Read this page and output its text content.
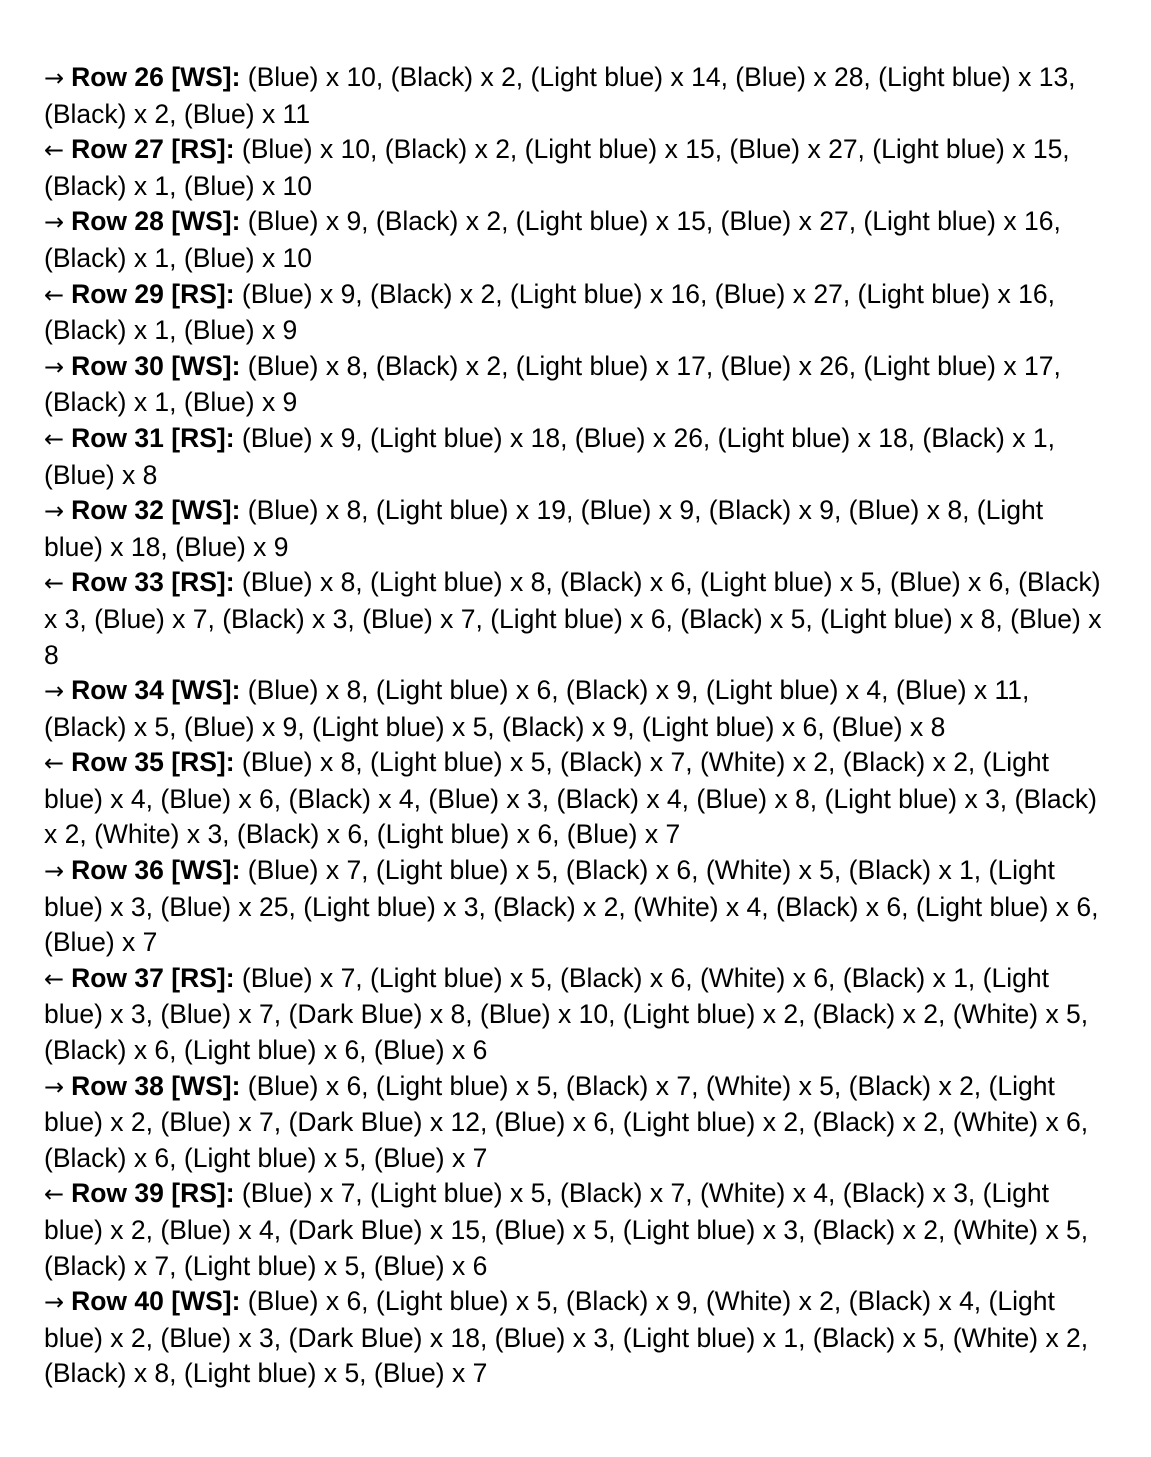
→ Row 26 [WS]: (Blue) x 10, (Black) x 2, (Light blue) x 14, (Blue) x 28, (Light blue) x 13, (Black) x 2, (Blue) x 11

← Row 27 [RS]: (Blue) x 10, (Black) x 2, (Light blue) x 15, (Blue) x 27, (Light blue) x 15, (Black) x 1, (Blue) x 10

→ Row 28 [WS]: (Blue) x 9, (Black) x 2, (Light blue) x 15, (Blue) x 27, (Light blue) x 16, (Black) x 1, (Blue) x 10

← Row 29 [RS]: (Blue) x 9, (Black) x 2, (Light blue) x 16, (Blue) x 27, (Light blue) x 16, (Black) x 1, (Blue) x 9

→ Row 30 [WS]: (Blue) x 8, (Black) x 2, (Light blue) x 17, (Blue) x 26, (Light blue) x 17, (Black) x 1, (Blue) x 9

← Row 31 [RS]: (Blue) x 9, (Light blue) x 18, (Blue) x 26, (Light blue) x 18, (Black) x 1, (Blue) x 8

→ Row 32 [WS]: (Blue) x 8, (Light blue) x 19, (Blue) x 9, (Black) x 9, (Blue) x 8, (Light blue) x 18, (Blue) x 9

← Row 33 [RS]: (Blue) x 8, (Light blue) x 8, (Black) x 6, (Light blue) x 5, (Blue) x 6, (Black) x 3, (Blue) x 7, (Black) x 3, (Blue) x 7, (Light blue) x 6, (Black) x 5, (Light blue) x 8, (Blue) x 8

→ Row 34 [WS]: (Blue) x 8, (Light blue) x 6, (Black) x 9, (Light blue) x 4, (Blue) x 11, (Black) x 5, (Blue) x 9, (Light blue) x 5, (Black) x 9, (Light blue) x 6, (Blue) x 8

← Row 35 [RS]: (Blue) x 8, (Light blue) x 5, (Black) x 7, (White) x 2, (Black) x 2, (Light blue) x 4, (Blue) x 6, (Black) x 4, (Blue) x 3, (Black) x 4, (Blue) x 8, (Light blue) x 3, (Black) x 2, (White) x 3, (Black) x 6, (Light blue) x 6, (Blue) x 7

→ Row 36 [WS]: (Blue) x 7, (Light blue) x 5, (Black) x 6, (White) x 5, (Black) x 1, (Light blue) x 3, (Blue) x 25, (Light blue) x 3, (Black) x 2, (White) x 4, (Black) x 6, (Light blue) x 6, (Blue) x 7

← Row 37 [RS]: (Blue) x 7, (Light blue) x 5, (Black) x 6, (White) x 6, (Black) x 1, (Light blue) x 3, (Blue) x 7, (Dark Blue) x 8, (Blue) x 10, (Light blue) x 2, (Black) x 2, (White) x 5, (Black) x 6, (Light blue) x 6, (Blue) x 6

→ Row 38 [WS]: (Blue) x 6, (Light blue) x 5, (Black) x 7, (White) x 5, (Black) x 2, (Light blue) x 2, (Blue) x 7, (Dark Blue) x 12, (Blue) x 6, (Light blue) x 2, (Black) x 2, (White) x 6, (Black) x 6, (Light blue) x 5, (Blue) x 7

← Row 39 [RS]: (Blue) x 7, (Light blue) x 5, (Black) x 7, (White) x 4, (Black) x 3, (Light blue) x 2, (Blue) x 4, (Dark Blue) x 15, (Blue) x 5, (Light blue) x 3, (Black) x 2, (White) x 5, (Black) x 7, (Light blue) x 5, (Blue) x 6

→ Row 40 [WS]: (Blue) x 6, (Light blue) x 5, (Black) x 9, (White) x 2, (Black) x 4, (Light blue) x 2, (Blue) x 3, (Dark Blue) x 18, (Blue) x 3, (Light blue) x 1, (Black) x 5, (White) x 2, (Black) x 8, (Light blue) x 5, (Blue) x 7
